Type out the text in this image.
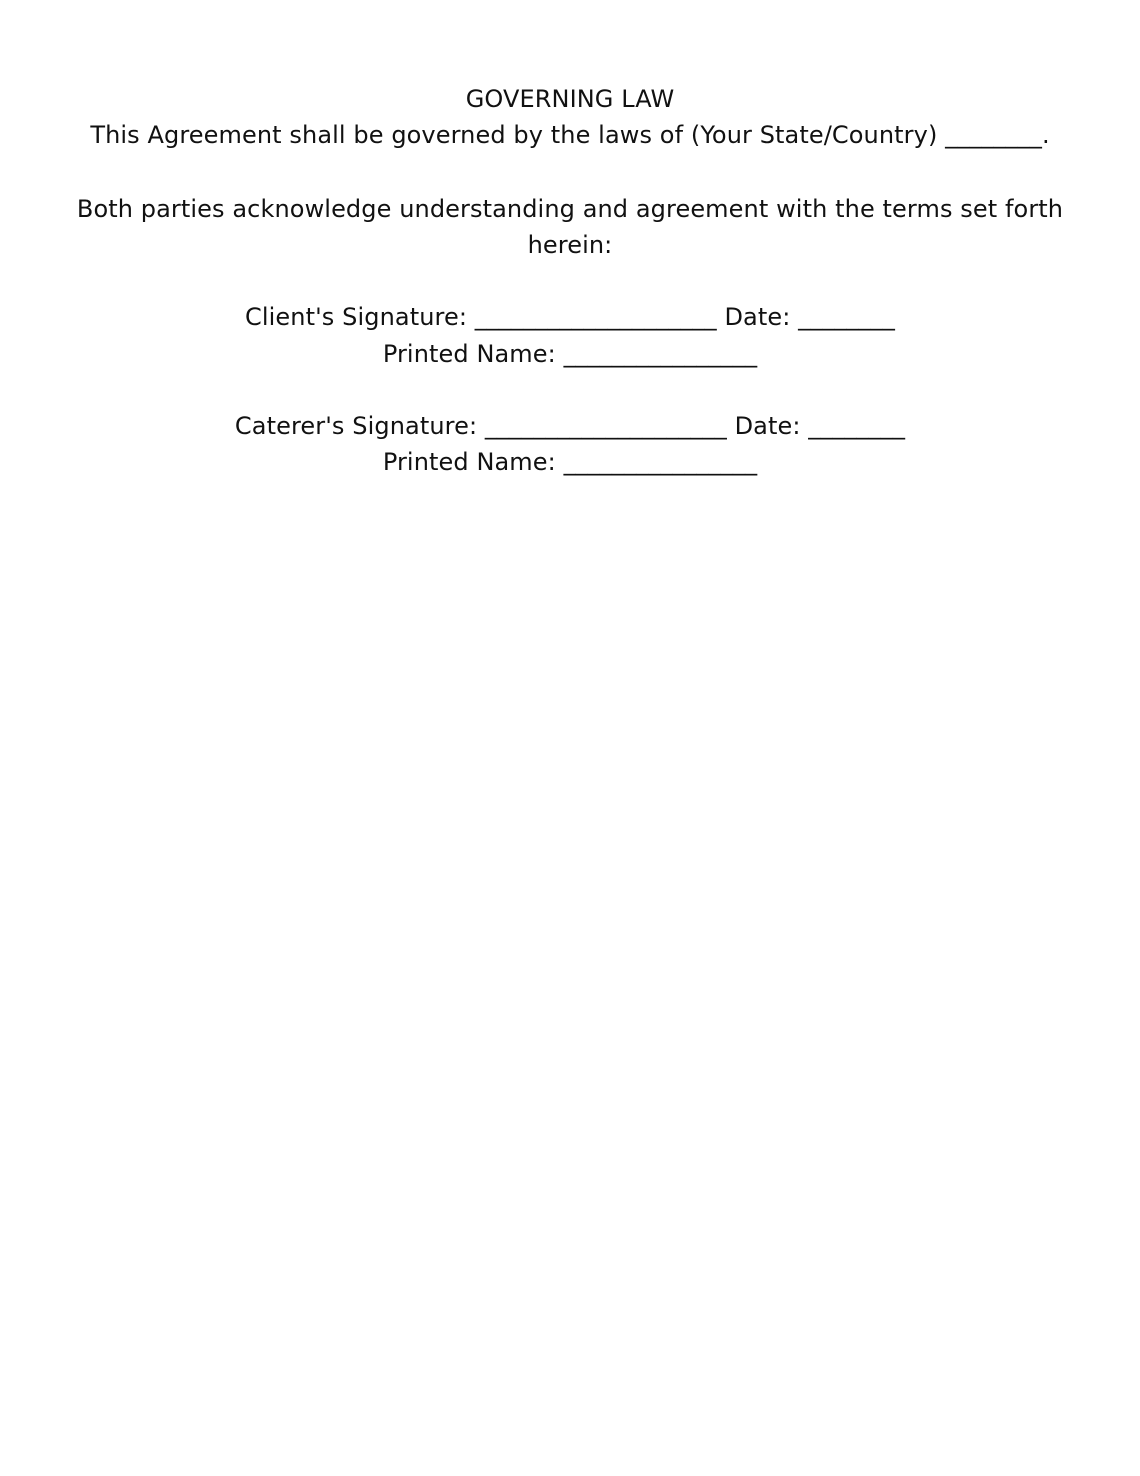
GOVERNING LAW
This Agreement shall be governed by the laws of (Your State/Country) ________.
Both parties acknowledge understanding and agreement with the terms set forth
herein:
Client's Signature: ____________________ Date: ________
Printed Name: ________________
Caterer's Signature: ____________________ Date: ________
Printed Name: ________________
